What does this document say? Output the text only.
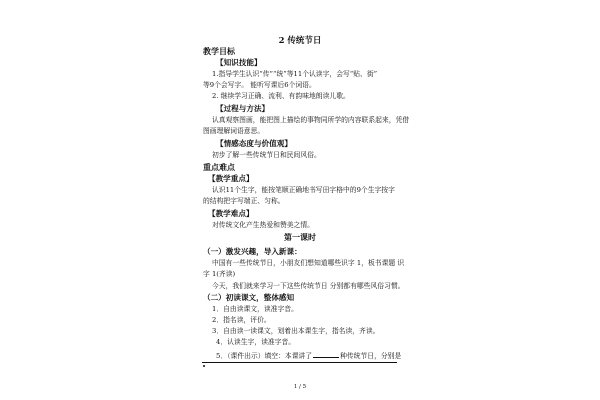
2 传统节日
教学目标
【知识技能】
1.指导学生认识“传”“统”等11个认读字，会写“贴、街”
等9个会写字。 能听写课后6个词语。
2. 继续学习正确、流利、有韵味地朗读儿歌。
【过程与方法】
认真观察图画，能把图上描绘的事物同所学的内容联系起来，凭借
图画理解词语意思。
【情感态度与价值观】
初步了解一些传统节日和民间风俗。
重点难点
【教学重点】
认识11个生字，能按笔顺正确地书写田字格中的9个生字按字
的结构把字写端正、匀称。
【教学难点】
对传统文化产生热爱和赞美之情。
第一课时
（一）激发兴趣，导入新课：
中国有一些传统节日，小朋友们想知道哪些识字 1，板书课题 识
字 1(齐读)
今天，我们就来学习一下这些传统节日 分别都有哪些风俗习惯。
（二）初读课文，整体感知
1．自由读课文，读准字音。
2．指名读，评价。
3．自由读一读课文，划着出本课生字，指名读，齐读。
4．认读生字，读准字音。
5．（课件出示）填空：本课讲了	种传统节日，分别是
1 / 5
